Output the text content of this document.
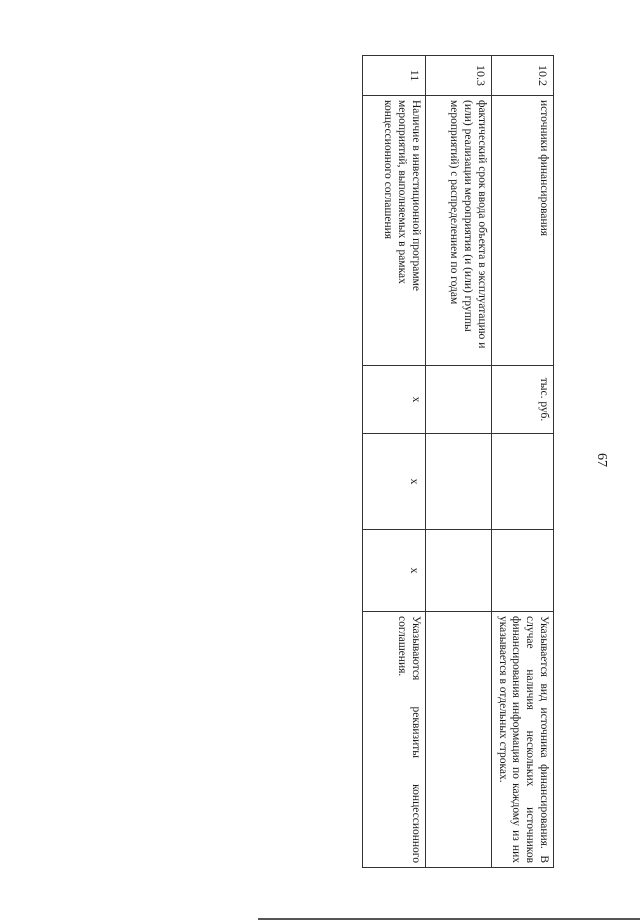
67
10.2	источники финансирования	тыс. руб.			Указывается вид источника финансирования. В случае наличия нескольких источников финансирования информация по каждому из них указывается в отдельных строках.
10.3	фактический срок ввода объекта в эксплуатацию и (или) реализации мероприятия (и (или) группы мероприятий) с распределением по годам				
11	Наличие в инвестиционной программе мероприятий, выполняемых в рамках концессионного соглашения	x	x	x	Указываются реквизиты концессионного соглашения.
